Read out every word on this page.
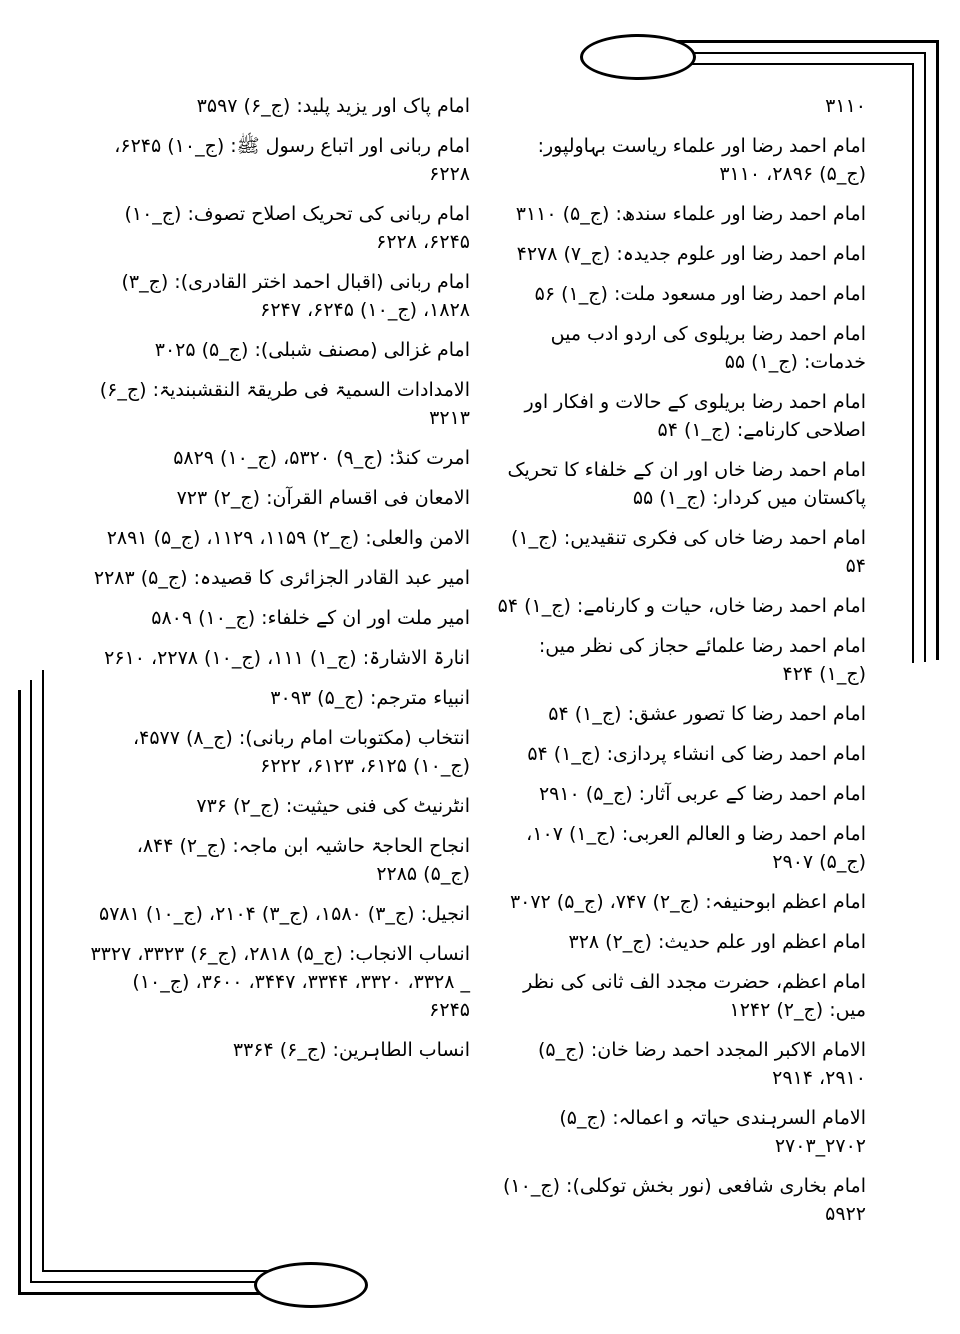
۳۱۱۰

امام احمد رضا اور علماء ریاست بہاولپور: (ج_۵) ۲۸۹۶، ۳۱۱۰

امام احمد رضا اور علماء سندھ: (ج_۵) ۳۱۱۰

امام احمد رضا اور علوم جدیدہ: (ج_۷) ۴۲۷۸

امام احمد رضا اور مسعود ملت: (ج_۱) ۵۶

امام احمد رضا بریلوی کی اردو ادب میں خدمات: (ج_۱) ۵۵

امام احمد رضا بریلوی کے حالات و افکار اور اصلاحی کارنامے: (ج_۱) ۵۴

امام احمد رضا خاں اور ان کے خلفاء کا تحریک پاکستان میں کردار: (ج_۱) ۵۵

امام احمد رضا خاں کی فکری تنقیدیں: (ج_۱) ۵۴

امام احمد رضا خاں، حیات و کارنامے: (ج_۱) ۵۴

امام احمد رضا علمائے حجاز کی نظر میں: (ج_۱) ۴۲۴

امام احمد رضا کا تصور عشق: (ج_۱) ۵۴

امام احمد رضا کی انشاء پردازی: (ج_۱) ۵۴

امام احمد رضا کے عربی آثار: (ج_۵) ۲۹۱۰

امام احمد رضا و العالم العربی: (ج_۱) ۱۰۷، (ج_۵) ۲۹۰۷

امام اعظم ابوحنیفہ: (ج_۲) ۷۴۷، (ج_۵) ۳۰۷۲

امام اعظم اور علم حدیث: (ج_۲) ۳۲۸

امام اعظم، حضرت مجدد الف ثانی کی نظر میں: (ج_۲) ۱۲۴۲

الامام الاکبر المجدد احمد رضا خان: (ج_۵) ۲۹۱۰، ۲۹۱۴

الامام السرہندی حیاتہ و اعمالہ: (ج_۵) ۲۷۰۲_۲۷۰۳

امام بخاری شافعی (نور بخش توکلی): (ج_۱۰) ۵۹۲۲

امام پاک اور یزید پلید: (ج_۶) ۳۵۹۷

امام ربانی اور اتباع رسول ﷺ: (ج_۱۰) ۶۲۴۵، ۶۲۲۸

امام ربانی کی تحریک اصلاح تصوف: (ج_۱۰) ۶۲۴۵، ۶۲۲۸

امام ربانی (اقبال احمد اختر القادری): (ج_۳) ۱۸۲۸، (ج_۱۰) ۶۲۴۵، ۶۲۴۷

امام غزالی (مصنف شبلی): (ج_۵) ۳۰۲۵

الامدادات السمیۃ فی طریقۃ النقشبندیۃ: (ج_۶) ۳۲۱۳

امرت کنڈ: (ج_۹) ۵۳۲۰، (ج_۱۰) ۵۸۲۹

الامعان فی اقسام القرآن: (ج_۲) ۷۲۳

الامن والعلی: (ج_۲) ۱۱۵۹، ۱۱۲۹، (ج_۵) ۲۸۹۱

امیر عبد القادر الجزائری کا قصیدہ: (ج_۵) ۲۲۸۳

امیر ملت اور ان کے خلفاء: (ج_۱۰) ۵۸۰۹

انارۃ الاشارۃ: (ج_۱) ۱۱۱، (ج_۱۰) ۲۲۷۸، ۲۶۱۰

انبیاء مترجم: (ج_۵) ۳۰۹۳

انتخاب (مکتوبات امام ربانی): (ج_۸) ۴۵۷۷، (ج_۱۰) ۶۱۲۵، ۶۱۲۳، ۶۲۲۲

انٹرنیٹ کی فنی حیثیت: (ج_۲) ۷۳۶

انجاح الحاجۃ حاشیہ ابن ماجہ: (ج_۲) ۸۴۴، (ج_۵) ۲۲۸۵

انجیل: (ج_۳) ۱۵۸۰، (ج_۳) ۲۱۰۴، (ج_۱۰) ۵۷۸۱

انساب الانجاب: (ج_۵) ۲۸۱۸، (ج_۶) ۳۳۲۳، ۳۳۲۷ _ ۳۳۲۸، ۳۳۲۰، ۳۳۴۴، ۳۴۴۷، ۳۶۰۰، (ج_۱۰) ۶۲۴۵

انساب الطاہرین: (ج_۶) ۳۳۶۴
